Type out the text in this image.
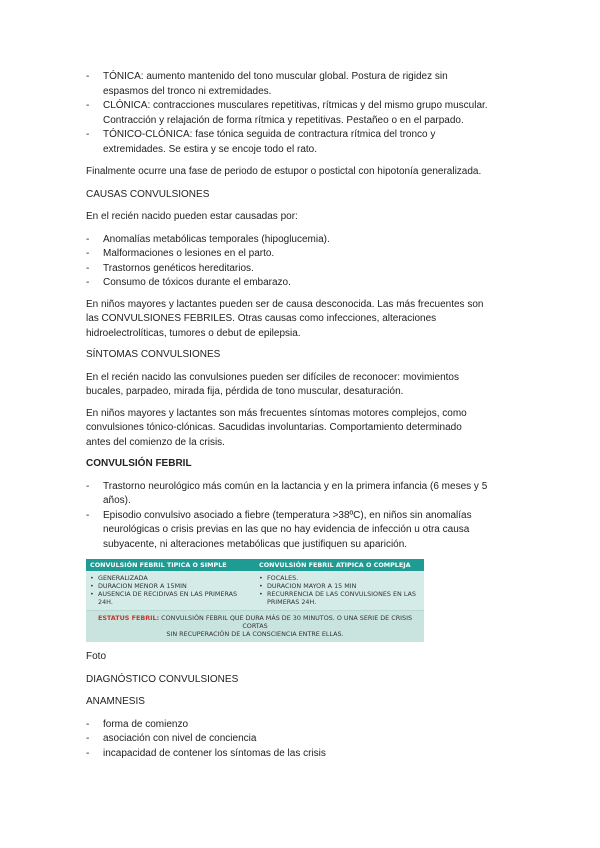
- TÓNICA: aumento mantenido del tono muscular global. Postura de rigidez sin
espasmos del tronco ni extremidades.
- CLÓNICA: contracciones musculares repetitivas, rítmicas y del mismo grupo muscular.
Contracción y relajación de forma rítmica y repetitivas. Pestañeo o en el parpado.
- TÓNICO-CLÓNICA: fase tónica seguida de contractura rítmica del tronco y
extremidades. Se estira y se encoje todo el rato.

Finalmente ocurre una fase de periodo de estupor o postictal con hipotonía generalizada.

CAUSAS CONVULSIONES

En el recién nacido pueden estar causadas por:

- Anomalías metabólicas temporales (hipoglucemia).
- Malformaciones o lesiones en el parto.
- Trastornos genéticos hereditarios.
- Consumo de tóxicos durante el embarazo.

En niños mayores y lactantes pueden ser de causa desconocida. Las más frecuentes son
las CONVULSIONES FEBRILES. Otras causas como infecciones, alteraciones
hidroelectrolíticas, tumores o debut de epilepsia.

SÍNTOMAS CONVULSIONES

En el recién nacido las convulsiones pueden ser difíciles de reconocer: movimientos
bucales, parpadeo, mirada fija, pérdida de tono muscular, desaturación.

En niños mayores y lactantes son más frecuentes síntomas motores complejos, como
convulsiones tónico-clónicas. Sacudidas involuntarias. Comportamiento determinado
antes del comienzo de la crisis.

CONVULSIÓN FEBRIL

- Trastorno neurológico más común en la lactancia y en la primera infancia (6 meses y 5
años).
- Episodio convulsivo asociado a fiebre (temperatura >38ºC), en niños sin anomalías
neurológicas o crisis previas en las que no hay evidencia de infección u otra causa
subyacente, ni alteraciones metabólicas que justifiquen su aparición.
CONVULSIÓN FEBRIL TIPICA O SIMPLE	CONVULSIÓN FEBRIL ATIPICA O COMPLEJA
• GENERALIZADA
• DURACION MENOR A 15MIN
• AUSENCIA DE RECIDIVAS EN LAS PRIMERAS 24H.
• FOCALES.
• DURACION MAYOR A 15 MIN
• RECURRENCIA DE LAS CONVULSIONES EN LAS PRIMERAS 24H.
ESTATUS FEBRIL: CONVULSIÓN FEBRIL QUE DURA MÁS DE 30 MINUTOS. O UNA SERIE DE CRISIS CORTAS
SIN RECUPERACIÓN DE LA CONSCIENCIA ENTRE ELLAS.

Foto

DIAGNÓSTICO CONVULSIONES

ANAMNESIS

- forma de comienzo
- asociación con nivel de conciencia
- incapacidad de contener los síntomas de las crisis
